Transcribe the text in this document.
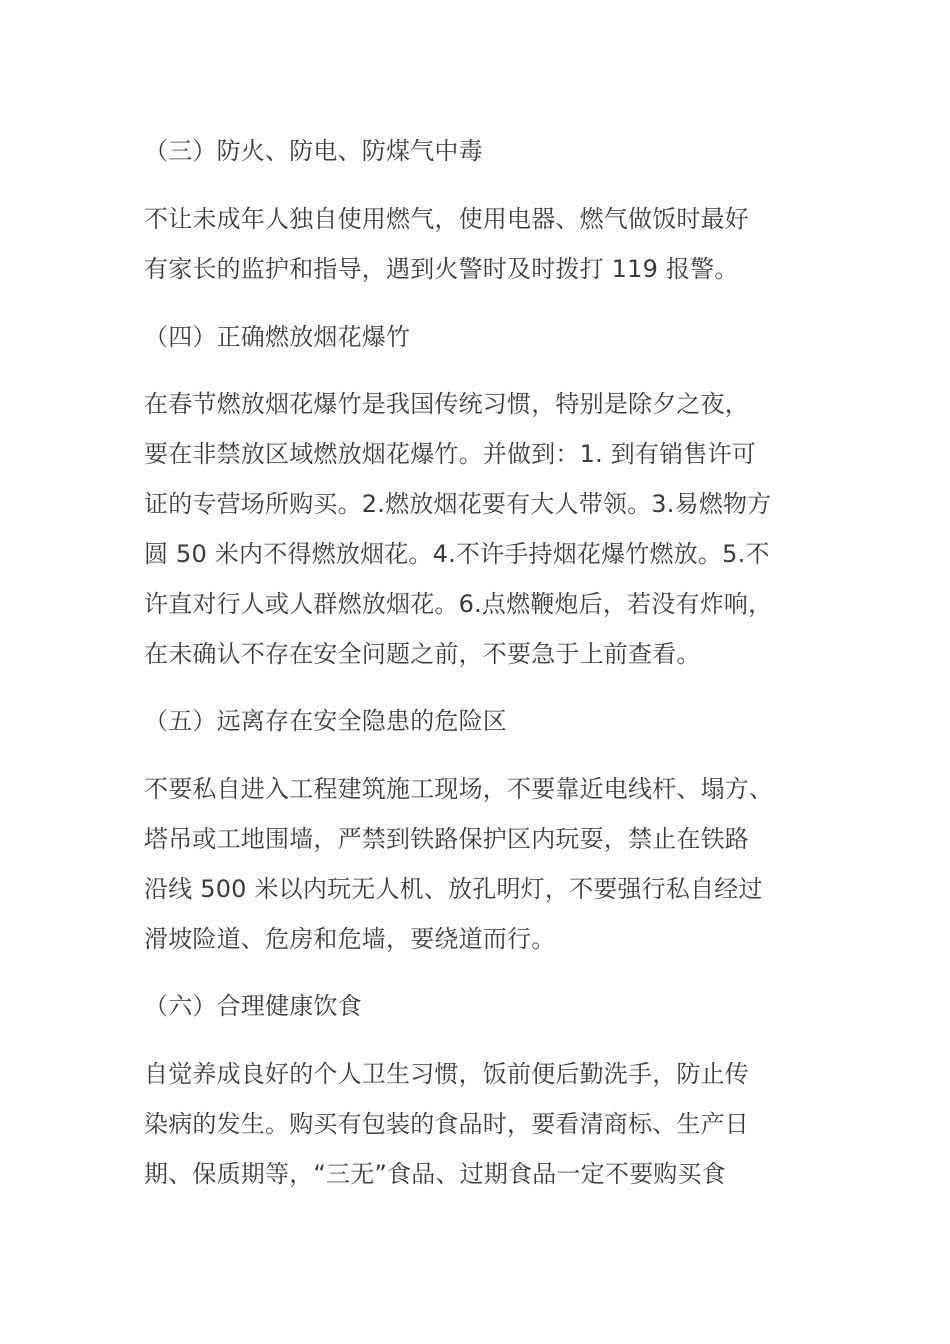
（三）防火、防电、防煤气中毒
不让未成年人独自使用燃气，使用电器、燃气做饭时最好
有家长的监护和指导，遇到火警时及时拨打 119 报警。
（四）正确燃放烟花爆竹
在春节燃放烟花爆竹是我国传统习惯，特别是除夕之夜，
要在非禁放区域燃放烟花爆竹。并做到：1. 到有销售许可
证的专营场所购买。2.燃放烟花要有大人带领。3.易燃物方
圆 50 米内不得燃放烟花。4.不许手持烟花爆竹燃放。5.不
许直对行人或人群燃放烟花。6.点燃鞭炮后，若没有炸响，
在未确认不存在安全问题之前，不要急于上前查看。
（五）远离存在安全隐患的危险区
不要私自进入工程建筑施工现场，不要靠近电线杆、塌方、
塔吊或工地围墙，严禁到铁路保护区内玩耍，禁止在铁路
沿线 500 米以内玩无人机、放孔明灯，不要强行私自经过
滑坡险道、危房和危墙，要绕道而行。
（六）合理健康饮食
自觉养成良好的个人卫生习惯，饭前便后勤洗手，防止传
染病的发生。购买有包装的食品时，要看清商标、生产日
期、保质期等，“三无”食品、过期食品一定不要购买食
